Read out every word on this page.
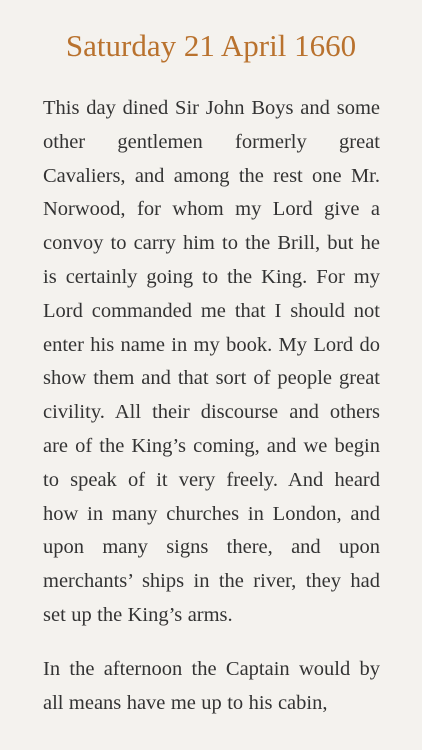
Saturday 21 April 1660

This day dined Sir John Boys and some other gentlemen formerly great Cavaliers, and among the rest one Mr. Norwood, for whom my Lord give a convoy to carry him to the Brill, but he is certainly going to the King. For my Lord commanded me that I should not enter his name in my book. My Lord do show them and that sort of people great civility. All their discourse and others are of the King’s coming, and we begin to speak of it very freely. And heard how in many churches in London, and upon many signs there, and upon merchants’ ships in the river, they had set up the King’s arms.

In the afternoon the Captain would by all means have me up to his cabin,
